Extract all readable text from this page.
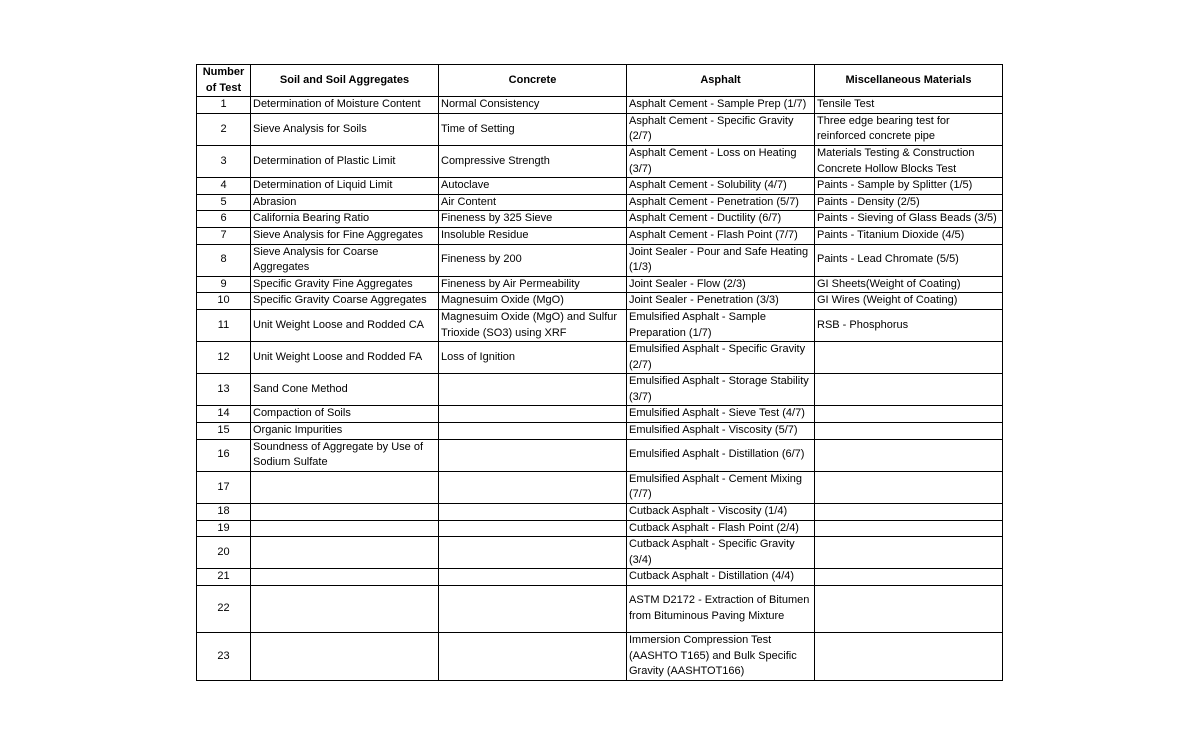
Number of Test	Soil and Soil Aggregates	Concrete	Asphalt	Miscellaneous Materials
1	Determination of Moisture Content	Normal Consistency	Asphalt Cement - Sample Prep (1/7)	Tensile Test
2	Sieve Analysis for Soils	Time of Setting	Asphalt Cement - Specific Gravity (2/7)	Three edge bearing test for reinforced concrete pipe
3	Determination of Plastic Limit	Compressive Strength	Asphalt Cement - Loss on Heating (3/7)	Materials Testing & Construction Concrete Hollow Blocks Test
4	Determination of Liquid Limit	Autoclave	Asphalt Cement - Solubility (4/7)	Paints - Sample by Splitter (1/5)
5	Abrasion	Air Content	Asphalt Cement - Penetration (5/7)	Paints - Density (2/5)
6	California Bearing Ratio	Fineness by 325 Sieve	Asphalt Cement - Ductility (6/7)	Paints - Sieving of Glass Beads (3/5)
7	Sieve Analysis for Fine Aggregates	Insoluble Residue	Asphalt Cement - Flash Point (7/7)	Paints - Titanium Dioxide (4/5)
8	Sieve Analysis for Coarse Aggregates	Fineness by 200	Joint Sealer - Pour and Safe Heating (1/3)	Paints - Lead Chromate (5/5)
9	Specific Gravity Fine Aggregates	Fineness by Air Permeability	Joint Sealer - Flow (2/3)	GI Sheets(Weight of Coating)
10	Specific Gravity Coarse Aggregates	Magnesuim Oxide (MgO)	Joint Sealer - Penetration (3/3)	GI Wires (Weight of Coating)
11	Unit Weight Loose and Rodded CA	Magnesuim Oxide (MgO) and Sulfur Trioxide (SO3) using XRF	Emulsified Asphalt - Sample Preparation (1/7)	RSB - Phosphorus
12	Unit Weight Loose and Rodded FA	Loss of Ignition	Emulsified Asphalt - Specific Gravity (2/7)	
13	Sand Cone Method		Emulsified Asphalt - Storage Stability (3/7)	
14	Compaction of Soils		Emulsified Asphalt - Sieve Test (4/7)	
15	Organic Impurities		Emulsified Asphalt - Viscosity (5/7)	
16	Soundness of Aggregate by Use of Sodium Sulfate		Emulsified Asphalt - Distillation (6/7)	
17			Emulsified Asphalt - Cement Mixing (7/7)	
18			Cutback Asphalt - Viscosity (1/4)	
19			Cutback Asphalt - Flash Point (2/4)	
20			Cutback Asphalt - Specific Gravity (3/4)	
21			Cutback Asphalt - Distillation (4/4)	
22			ASTM D2172 - Extraction of Bitumen from Bituminous Paving Mixture	
23			Immersion Compression Test (AASHTO T165) and Bulk Specific Gravity (AASHTOT166)	
